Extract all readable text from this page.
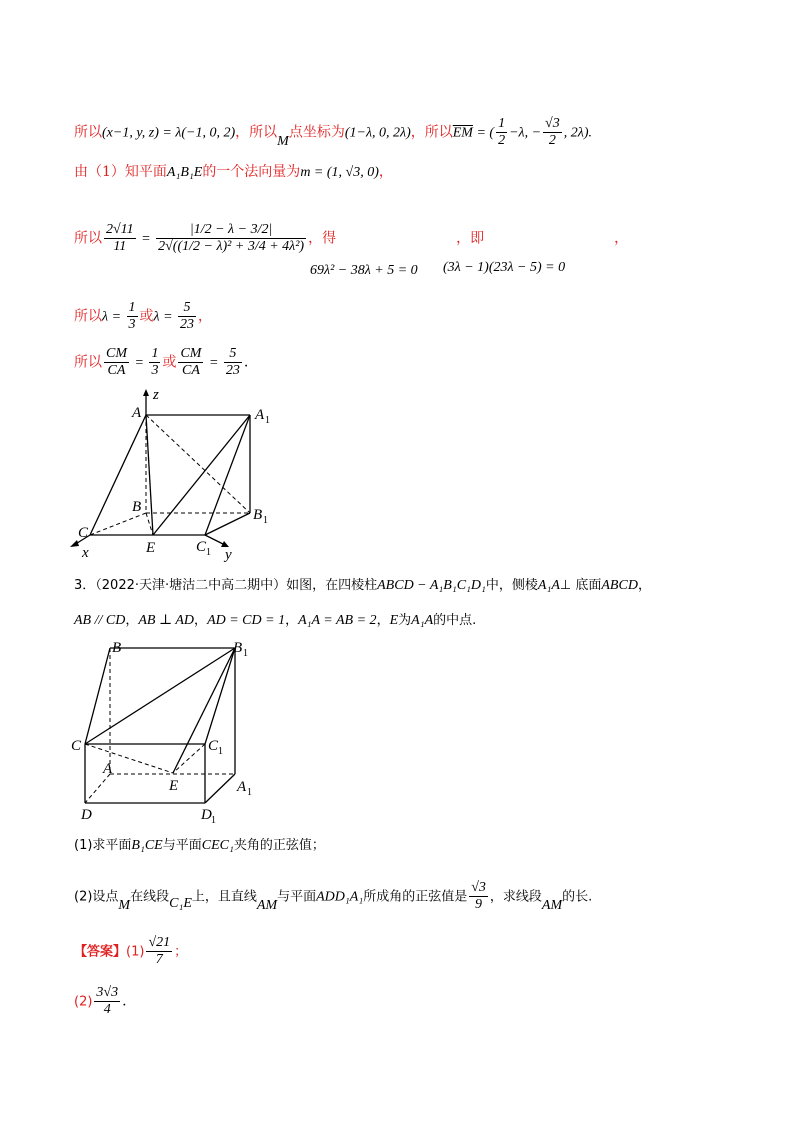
所以(x−1, y, z) = λ(−1, 0, 2)，所以M点坐标为(1−λ, 0, 2λ)，所以$\overline{EM}$ = ( $\frac{1}{2} -\lambda$, − $\frac{√3}{2}$ , 2λ).
由（1）知平面A₁B₁E的一个法向量为m = (1, √3, 0)，
所以 $\frac{2√11}{11} = \frac{|1/2 - \lambda - 3/2|}{\text{2√((1/2 − λ)² + 3/4 + 4λ²)}}$ ，得	，即	，
69λ² − 38λ + 5 = 0 (3λ − 1)(23λ − 5) = 0
所以$\lambda = \frac{1}{3}$ 或$\lambda = \frac{5}{23}$ ，
所以 $\frac{CM}{CA} = \frac{1}{3}$ 或 $\frac{CM}{CA} = \frac{5}{23}$ .
A	A 1
B	B 1
C
C 1
E
x	y
z
3．（2022·天津·塘沽二中高二期中）如图，在四棱柱ABCD − A₁B₁C₁D₁中，侧棱A₁A⊥ 底面ABCD，
AB // CD，AB ⊥ AD，AD = CD = 1，A₁A = AB = 2，E为A₁A的中点.
B	B 1
C	C 1
A
A 1
E
D	D 1
(1)求平面B₁CE与平面CEC₁夹角的正弦值；
(2)设点M在线段C₁E上，且直线AM与平面ADD₁A₁所成角的正弦值是 $\frac{√3}{9}$ ，求线段AM的长.
【答案】$(1) \frac{√21}{7}$ ；
$(2) \frac{3√3}{4}$ .
